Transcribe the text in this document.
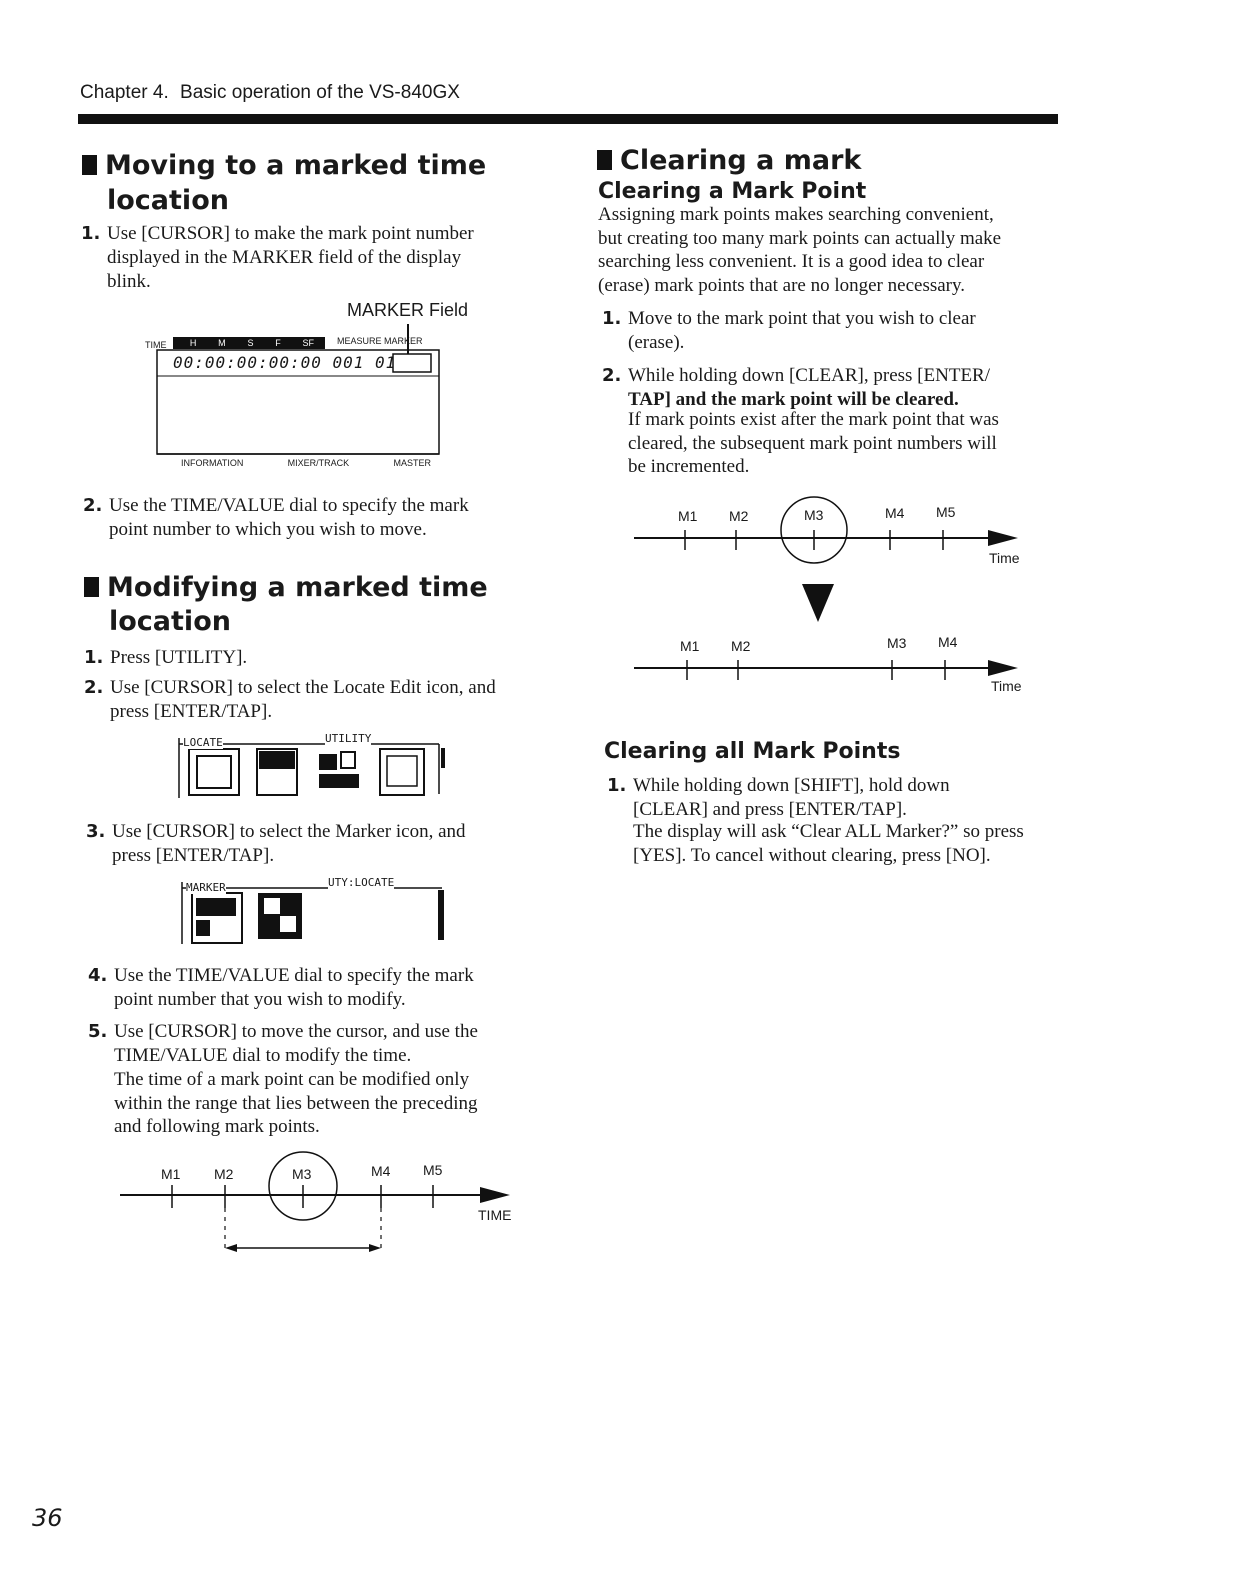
Chapter 4. Basic operation of the VS-840GX
Moving to a marked time
location
1. Use [CURSOR] to make the mark point number
displayed in the MARKER field of the display
blink.
MARKER Field
TIME	H M S F SF	MEASURE MARKER
00:00:00:00:00 001 01
INFORMATION	MIXER/TRACK	MASTER
2. Use the TIME/VALUE dial to specify the mark
point number to which you wish to move.
Modifying a marked time
location
1. Press [UTILITY].
2. Use [CURSOR] to select the Locate Edit icon, and
press [ENTER/TAP].
LOCATE	UTILITY
3. Use [CURSOR] to select the Marker icon, and
press [ENTER/TAP].
MARKER	UTY:LOCATE
4. Use the TIME/VALUE dial to specify the mark
point number that you wish to modify.
5. Use [CURSOR] to move the cursor, and use the
TIME/VALUE dial to modify the time.
The time of a mark point can be modified only
within the range that lies between the preceding
and following mark points.
M1 M2	M3	M4 M5
TIME
Clearing a mark
Clearing a Mark Point
Assigning mark points makes searching convenient,
but creating too many mark points can actually make
searching less convenient. It is a good idea to clear
(erase) mark points that are no longer necessary.
1. Move to the mark point that you wish to clear
(erase).
2. While holding down [CLEAR], press [ENTER/
TAP] and the mark point will be cleared.
If mark points exist after the mark point that was
cleared, the subsequent mark point numbers will
be incremented.
M1 M2	M3	M4 M5
Time
M1 M2	M3 M4
Time
Clearing all Mark Points
1. While holding down [SHIFT], hold down
[CLEAR] and press [ENTER/TAP].
The display will ask “Clear ALL Marker?” so press
[YES]. To cancel without clearing, press [NO].
36
